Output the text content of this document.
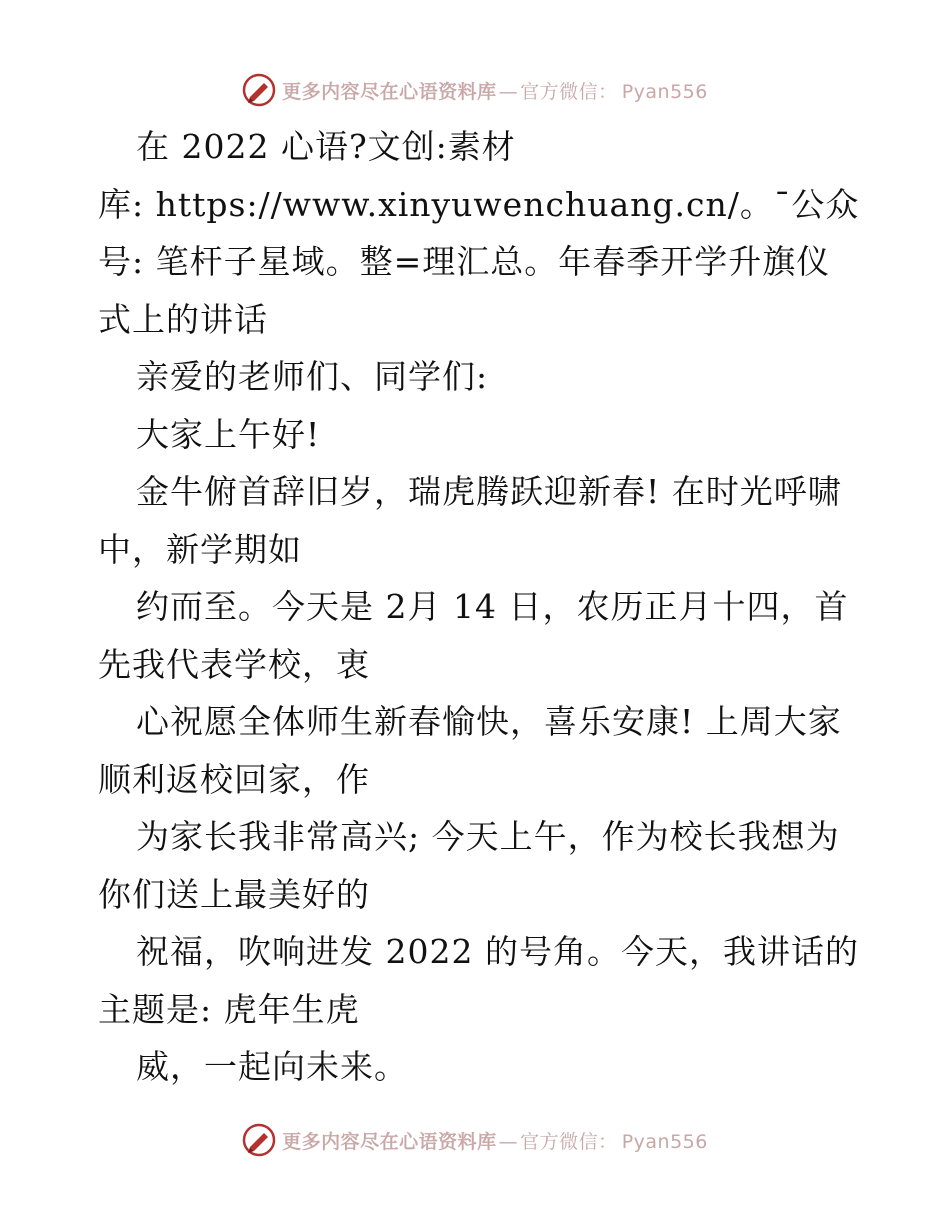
更多内容尽在心语资料库 — 官方微信： Pyan556
在 2022 心语?文创:素材
库: https://www.xinyuwenchuang.cn/。¯公众
号: 笔杆子星域。整=理汇总。年春季开学升旗仪
式上的讲话
亲爱的老师们、同学们:
大家上午好!
金牛俯首辞旧岁，瑞虎腾跃迎新春! 在时光呼啸
中，新学期如
约而至。今天是 2月 14 日，农历正月十四，首
先我代表学校，衷
心祝愿全体师生新春愉快，喜乐安康! 上周大家
顺利返校回家，作
为家长我非常高兴; 今天上午，作为校长我想为
你们送上最美好的
祝福，吹响进发 2022 的号角。今天，我讲话的
主题是: 虎年生虎
威，一起向未来。
更多内容尽在心语资料库 — 官方微信： Pyan556
